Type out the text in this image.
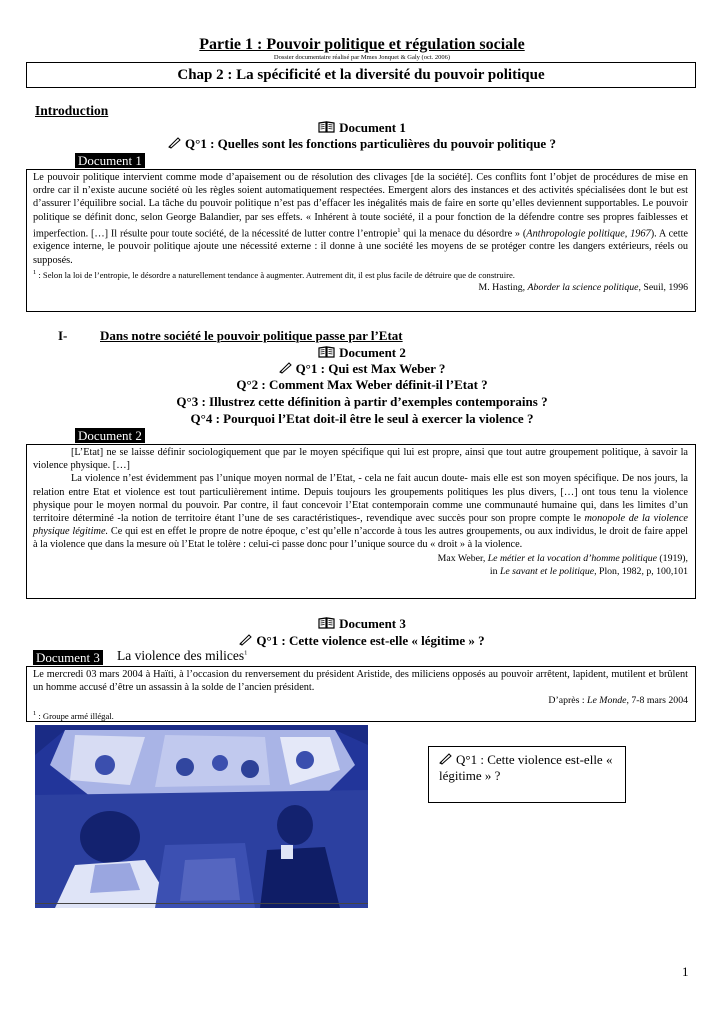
Partie 1 : Pouvoir politique et régulation sociale
Dossier documentaire réalisé par Mmes Jonquet & Galy (oct. 2006)
Chap 2 : La spécificité et la diversité du pouvoir politique
Introduction
Document 1
Q°1 : Quelles sont les fonctions particulières du pouvoir politique ?
Document 1

Le pouvoir politique intervient comme mode d’apaisement ou de résolution des clivages [de la société]. Ces conflits font l’objet de procédures de mise en ordre car il n’existe aucune société où les règles soient automatiquement respectées. Emergent alors des instances et des activités spécialisées dont le but est d’assurer l’équilibre social. La tâche du pouvoir politique n’est pas d’effacer les inégalités mais de faire en sorte qu’elles deviennent supportables. Le pouvoir politique se définit donc, selon George Balandier, par ses effets. « Inhérent à toute société, il a pour fonction de la défendre contre ses propres faiblesses et imperfection. […] Il résulte pour toute société, de la nécessité de lutter contre l’entropie$^1$ qui la menace du désordre » (Anthropologie politique, 1967). A cette exigence interne, le pouvoir politique ajoute une nécessité externe : il donne à une société les moyens de se protéger contre les dangers extérieurs, réels ou supposés.

$^1$ : Selon la loi de l’entropie, le désordre a naturellement tendance à augmenter. Autrement dit, il est plus facile de détruire que de construire.

M. Hasting, Aborder la science politique, Seuil, 1996

I-	Dans notre société le pouvoir politique passe par l’Etat
Document 2
Q°1 : Qui est Max Weber ?
Q°2 : Comment Max Weber définit-il l’Etat ?
Q°3 : Illustrez cette définition à partir d’exemples contemporains ?
Q°4 : Pourquoi l’Etat doit-il être le seul à exercer la violence ?
Document 2

[L’Etat] ne se laisse définir sociologiquement que par le moyen spécifique qui lui est propre, ainsi que tout autre groupement politique, à savoir la violence physique. […]

La violence n’est évidemment pas l’unique moyen normal de l’Etat, - cela ne fait aucun doute- mais elle est son moyen spécifique. De nos jours, la relation entre Etat et violence est tout particulièrement intime. Depuis toujours les groupements politiques les plus divers, […] ont tous tenu la violence physique pour le moyen normal du pouvoir. Par contre, il faut concevoir l’Etat contemporain comme une communauté humaine qui, dans les limites d’un territoire déterminé -la notion de territoire étant l’une de ses caractéristiques-, revendique avec succès pour son propre compte le monopole de la violence physique légitime. Ce qui est en effet le propre de notre époque, c’est qu’elle n’accorde à tous les autres groupements, ou aux individus, le droit de faire appel à la violence que dans la mesure où l’Etat le tolère : celui-ci passe donc pour l’unique source du « droit » à la violence.

Max Weber, Le métier et la vocation d’homme politique (1919),

in Le savant et le politique, Plon, 1982, p, 100,101

Document 3
Q°1 : Cette violence est-elle « légitime » ?
Document 3 La violence des milices$^1$

Le mercredi 03 mars 2004 à Haïti, à l’occasion du renversement du président Aristide, des miliciens opposés au pouvoir arrêtent, lapident, mutilent et brûlent un homme accusé d’être un assassin à la solde de l’ancien président.

D’après : Le Monde, 7-8 mars 2004

$^1$ : Groupe armé illégal.

Q°1 : Cette violence est-elle « légitime » ?
1
